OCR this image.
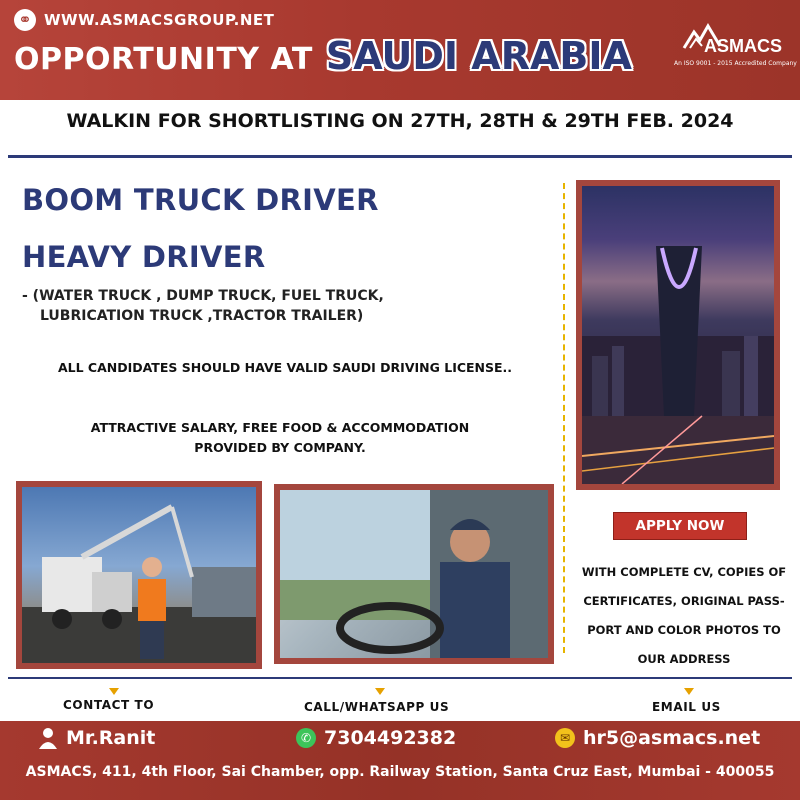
⚭ WWW.ASMACSGROUP.NET
OPPORTUNITY AT SAUDI ARABIA	ASMACS
An ISO 9001 - 2015 Accredited Company
WALKIN FOR SHORTLISTING ON 27TH, 28TH & 29TH FEB. 2024
BOOM TRUCK DRIVER
HEAVY DRIVER
- (WATER TRUCK , DUMP TRUCK, FUEL TRUCK,
LUBRICATION TRUCK ,TRACTOR TRAILER)
ALL CANDIDATES SHOULD HAVE VALID SAUDI DRIVING LICENSE..
ATTRACTIVE SALARY, FREE FOOD & ACCOMMODATION
PROVIDED BY COMPANY.
APPLY NOW
WITH COMPLETE CV, COPIES OF
CERTIFICATES, ORIGINAL PASS-
PORT AND COLOR PHOTOS TO
OUR ADDRESS
CONTACT TO	CALL/WHATSAPP US	EMAIL US
Mr.Ranit	✆ 7304492382	✉ hr5@asmacs.net
ASMACS, 411, 4th Floor, Sai Chamber, opp. Railway Station, Santa Cruz East, Mumbai - 400055
